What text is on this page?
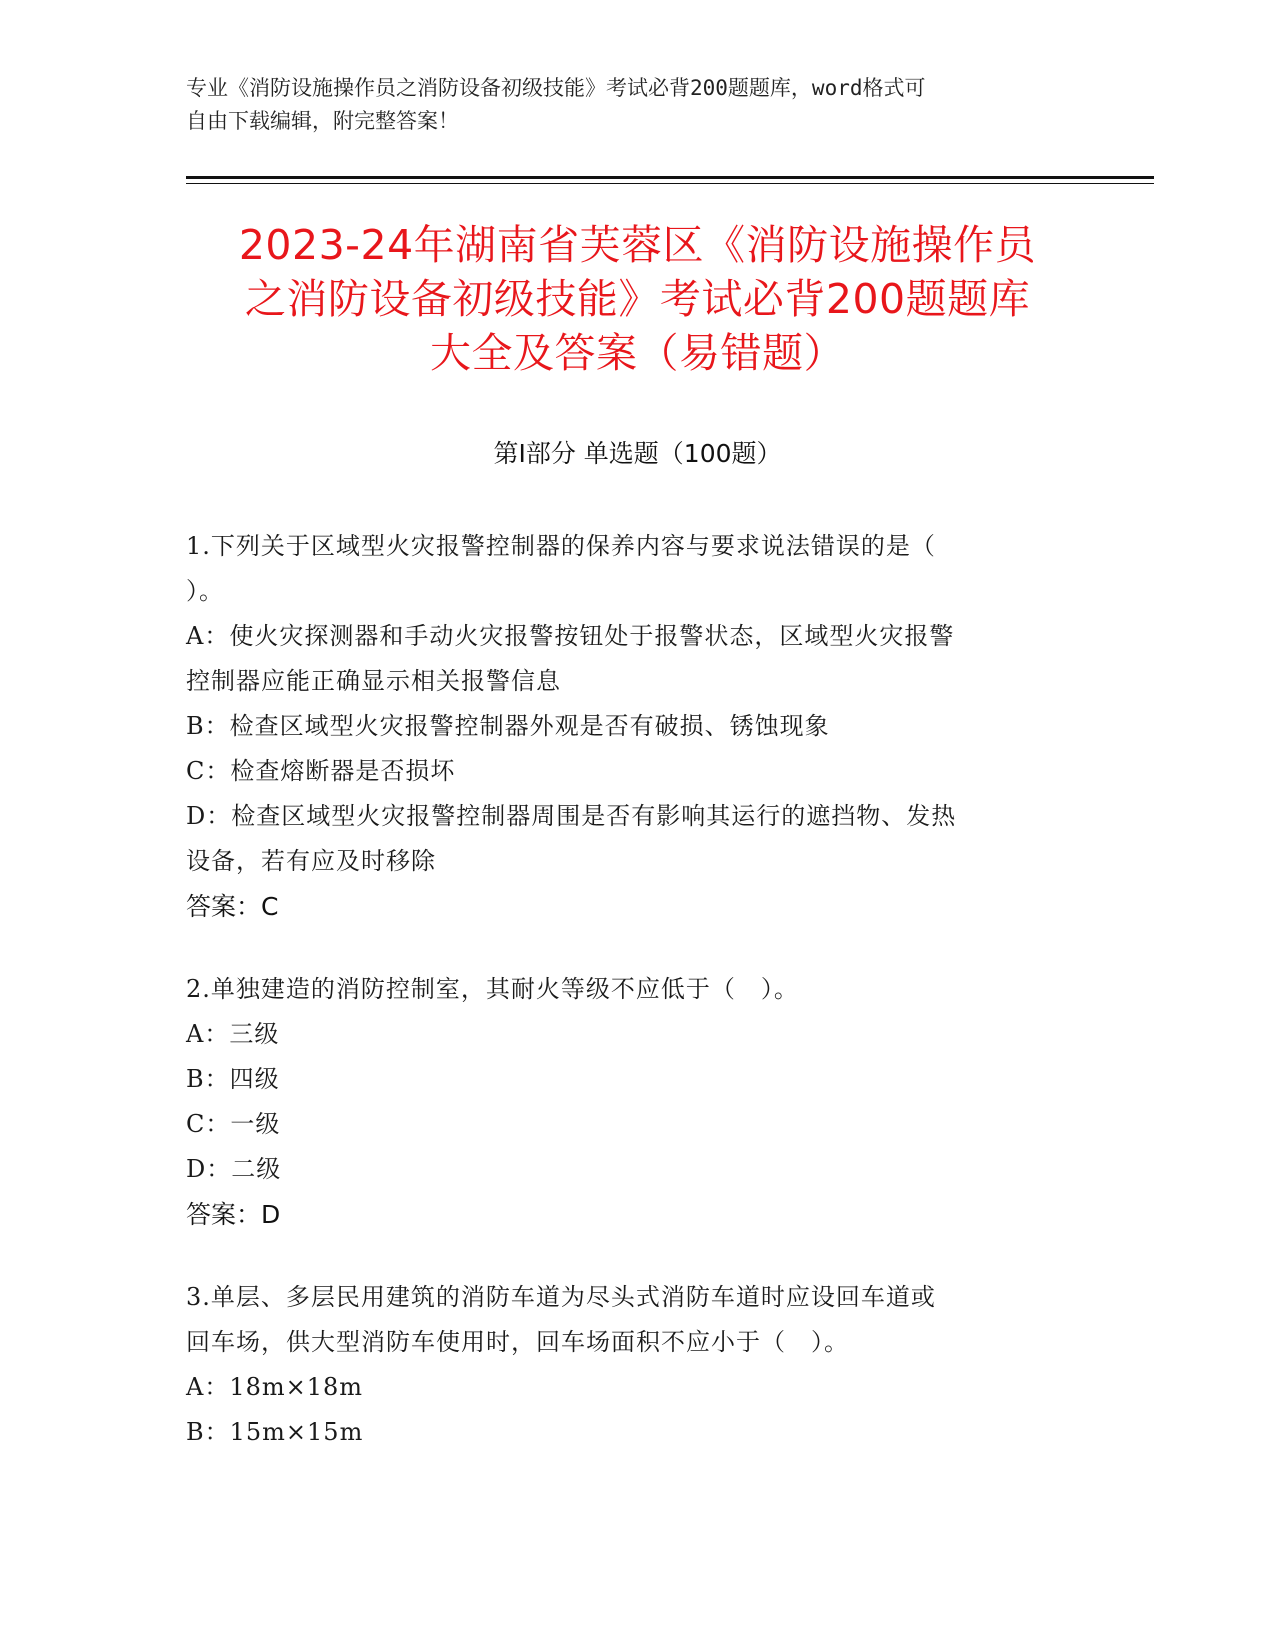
专业《消防设施操作员之消防设备初级技能》考试必背200题题库，word格式可
自由下载编辑，附完整答案！
2023-24年湖南省芙蓉区《消防设施操作员
之消防设备初级技能》考试必背200题题库
大全及答案（易错题）
第Ⅰ部分 单选题（100题）
1.下列关于区域型火灾报警控制器的保养内容与要求说法错误的是（
）。
A：使火灾探测器和手动火灾报警按钮处于报警状态，区域型火灾报警
控制器应能正确显示相关报警信息
B：检查区域型火灾报警控制器外观是否有破损、锈蚀现象
C：检查熔断器是否损坏
D：检查区域型火灾报警控制器周围是否有影响其运行的遮挡物、发热
设备，若有应及时移除
答案：C
2.单独建造的消防控制室，其耐火等级不应低于（　）。
A：三级
B：四级
C：一级
D：二级
答案：D
3.单层、多层民用建筑的消防车道为尽头式消防车道时应设回车道或
回车场，供大型消防车使用时，回车场面积不应小于（　）。
A：18m×18m
B：15m×15m
